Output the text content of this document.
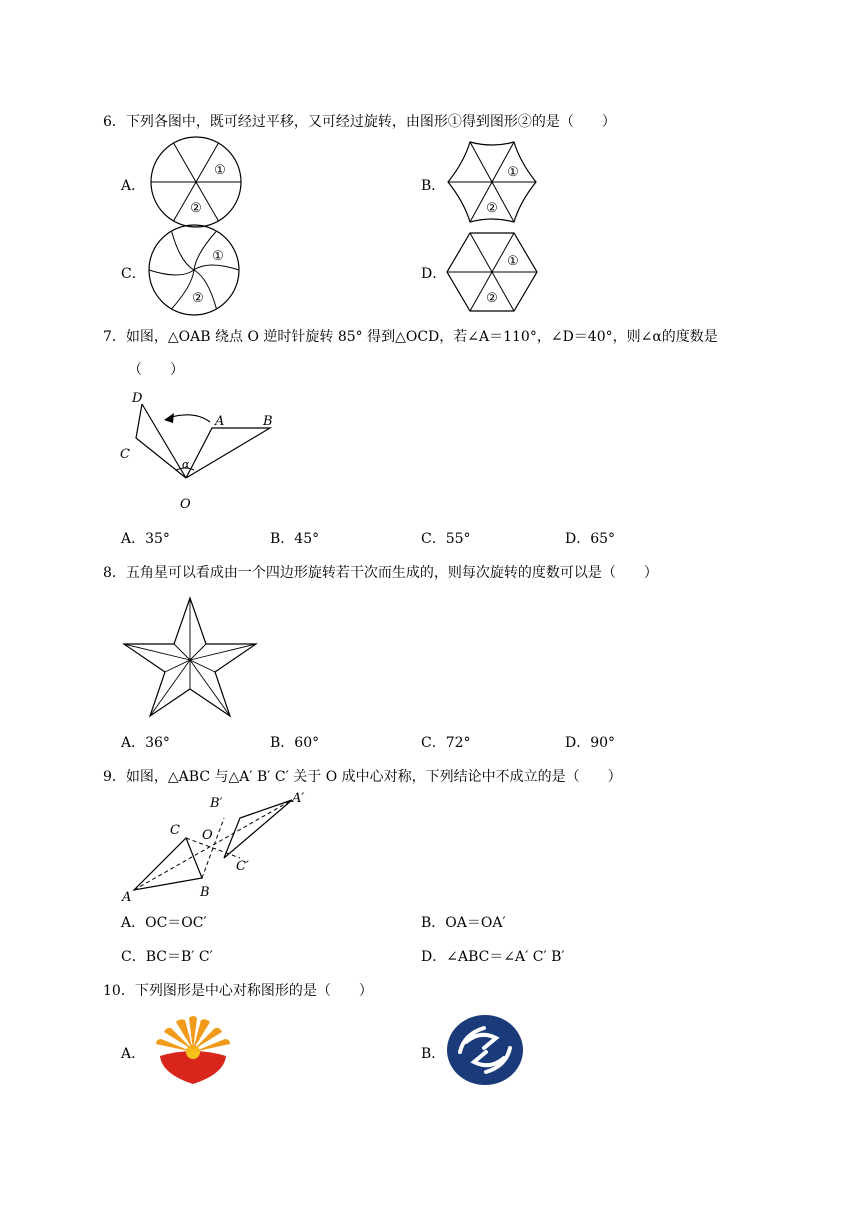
6．下列各图中，既可经过平移，又可经过旋转，由图形①得到图形②的是（　　）
A．
①
②
B．
①
②
C．
①
②
D．
①
②
7．如图，△OAB 绕点 O 逆时针旋转 85° 得到△OCD，若∠A＝110°，∠D＝40°，则∠α的度数是
（　　）
D
A	B
C
O
α
A．35°	B．45°	C．55°	D．65°
8．五角星可以看成由一个四边形旋转若干次而生成的，则每次旋转的度数可以是（　　）
A．36°	B．60°	C．72°	D．90°
9．如图，△ABC 与△A′ B′ C′ 关于 O 成中心对称，下列结论中不成立的是（　　）
B′	A′
C O
C′
A	B
A．OC＝OC′	B．OA＝OA′
C．BC＝B′ C′	D．∠ABC＝∠A′ C′ B′
10．下列图形是中心对称图形的是（　　）
A．	B．
